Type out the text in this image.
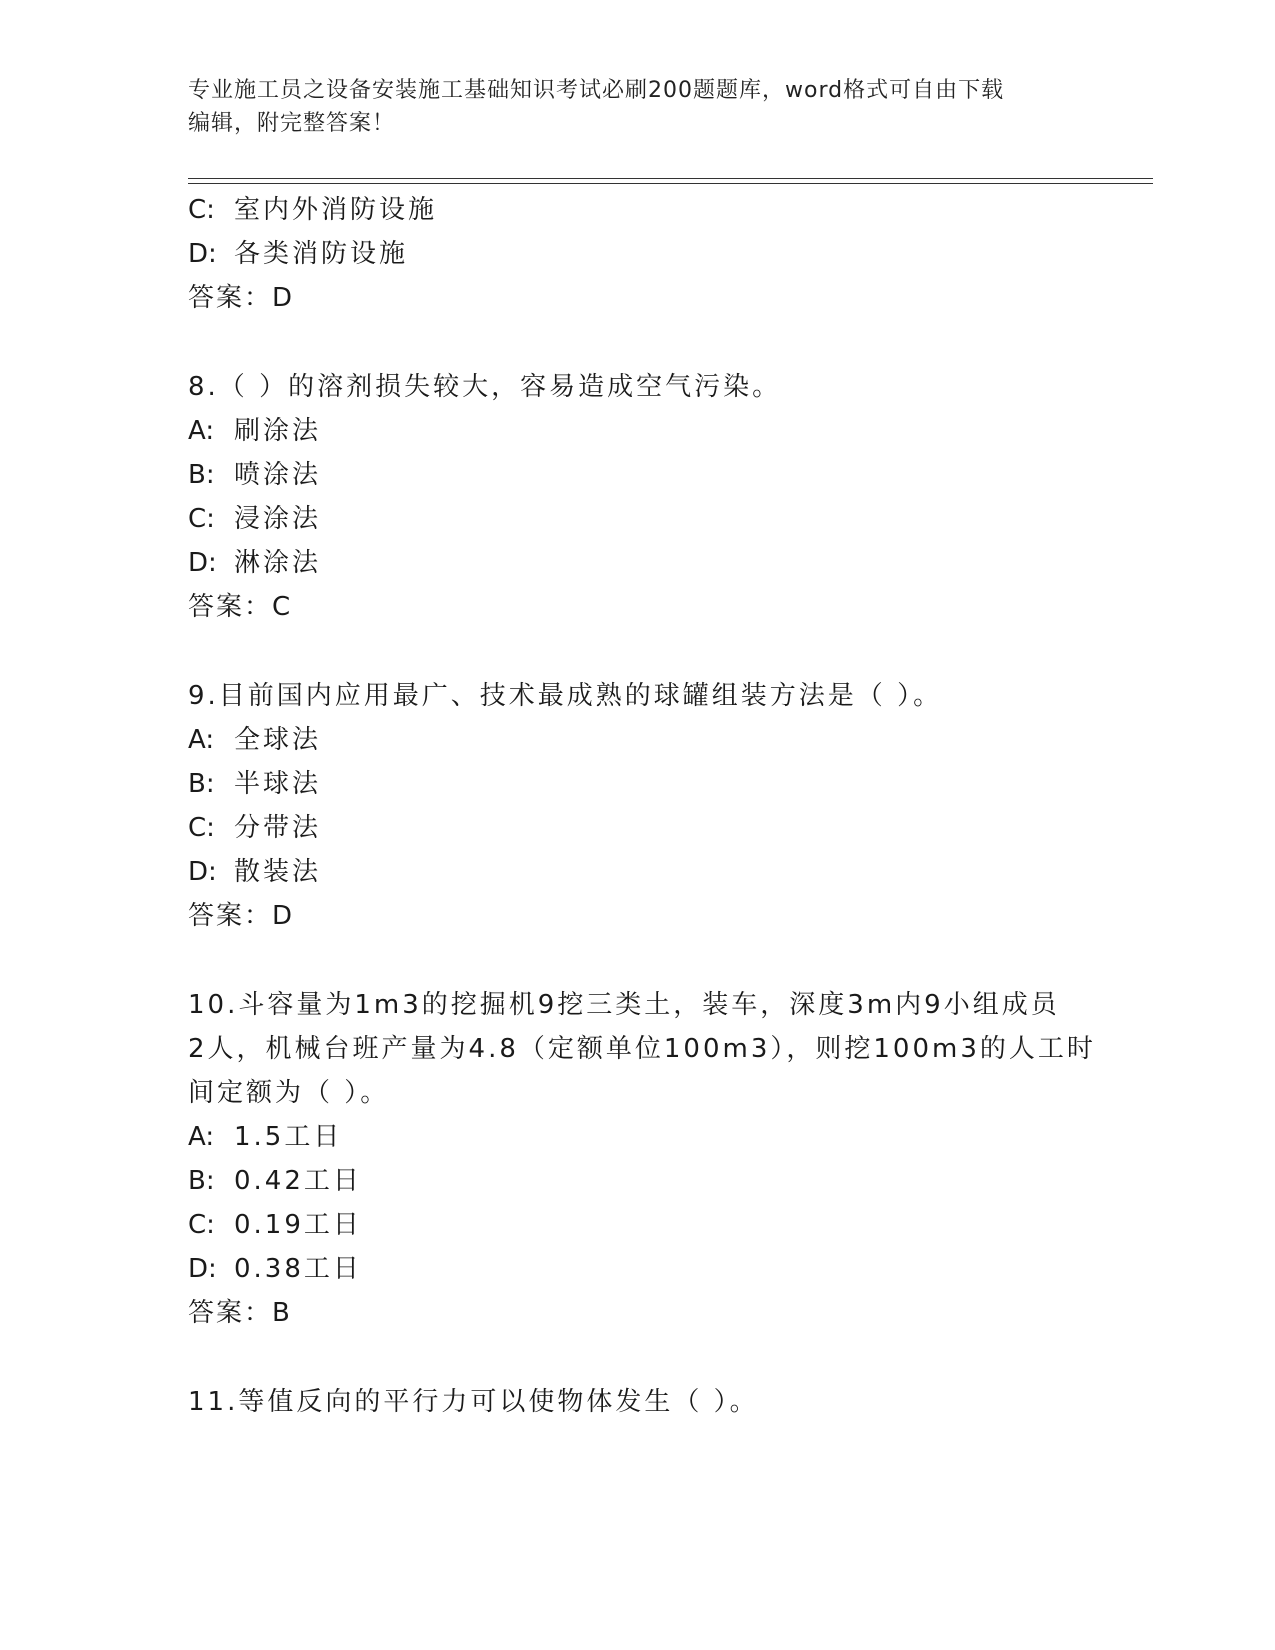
专业施工员之设备安装施工基础知识考试必刷200题题库，word格式可自由下载
编辑，附完整答案！
C: 室内外消防设施
D: 各类消防设施
答案：D
8.（ ）的溶剂损失较大，容易造成空气污染。
A: 刷涂法
B: 喷涂法
C: 浸涂法
D: 淋涂法
答案：C
9.目前国内应用最广、技术最成熟的球罐组装方法是（ ）。
A: 全球法
B: 半球法
C: 分带法
D: 散装法
答案：D
10.斗容量为1m3的挖掘机9挖三类土，装车，深度3m内9小组成员
2人，机械台班产量为4.8（定额单位100m3），则挖100m3的人工时
间定额为（ ）。
A: 1.5工日
B: 0.42工日
C: 0.19工日
D: 0.38工日
答案：B
11.等值反向的平行力可以使物体发生（ ）。
